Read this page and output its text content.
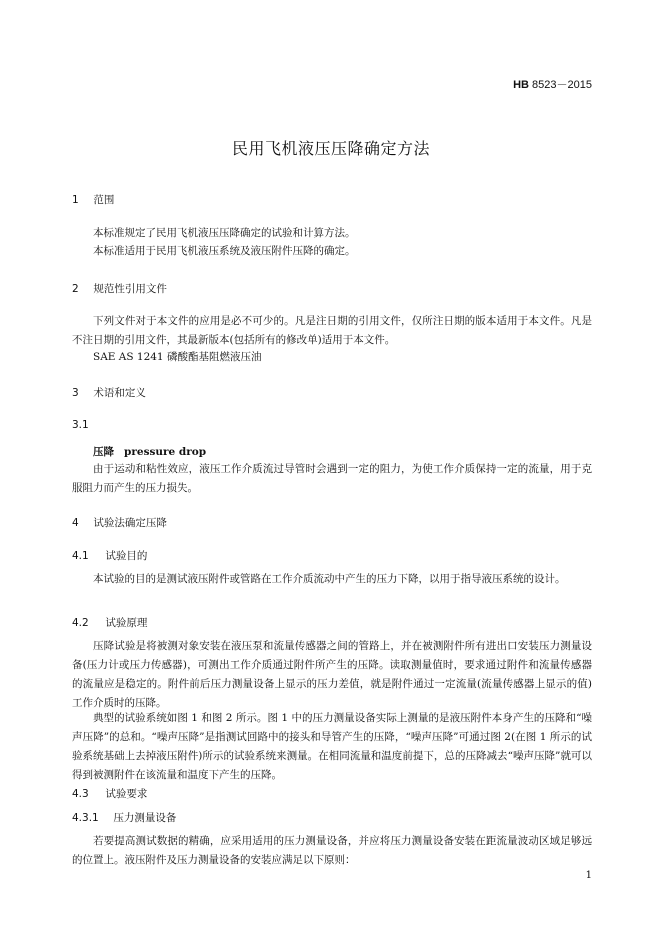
HB 8523－2015
民用飞机液压压降确定方法
1 范围
本标准规定了民用飞机液压压降确定的试验和计算方法。
本标准适用于民用飞机液压系统及液压附件压降的确定。
2 规范性引用文件
下列文件对于本文件的应用是必不可少的。凡是注日期的引用文件，仅所注日期的版本适用于本文件。凡是不注日期的引用文件，其最新版本(包括所有的修改单)适用于本文件。
SAE AS 1241 磷酸酯基阻燃液压油
3 术语和定义
3.1
压降 pressure drop
由于运动和粘性效应，液压工作介质流过导管时会遇到一定的阻力，为使工作介质保持一定的流量，用于克服阻力而产生的压力损失。
4 试验法确定压降
4.1 试验目的
本试验的目的是测试液压附件或管路在工作介质流动中产生的压力下降，以用于指导液压系统的设计。
4.2 试验原理
压降试验是将被测对象安装在液压泵和流量传感器之间的管路上，并在被测附件所有进出口安装压力测量设备(压力计或压力传感器)，可测出工作介质通过附件所产生的压降。读取测量值时，要求通过附件和流量传感器的流量应是稳定的。附件前后压力测量设备上显示的压力差值，就是附件通过一定流量(流量传感器上显示的值)工作介质时的压降。
典型的试验系统如图 1 和图 2 所示。图 1 中的压力测量设备实际上测量的是液压附件本身产生的压降和“噪声压降”的总和。“噪声压降”是指测试回路中的接头和导管产生的压降，“噪声压降”可通过图 2(在图 1 所示的试验系统基础上去掉液压附件)所示的试验系统来测量。在相同流量和温度前提下，总的压降减去“噪声压降”就可以得到被测附件在该流量和温度下产生的压降。
4.3 试验要求
4.3.1 压力测量设备
若要提高测试数据的精确，应采用适用的压力测量设备，并应将压力测量设备安装在距流量波动区域足够远的位置上。液压附件及压力测量设备的安装应满足以下原则：
1
